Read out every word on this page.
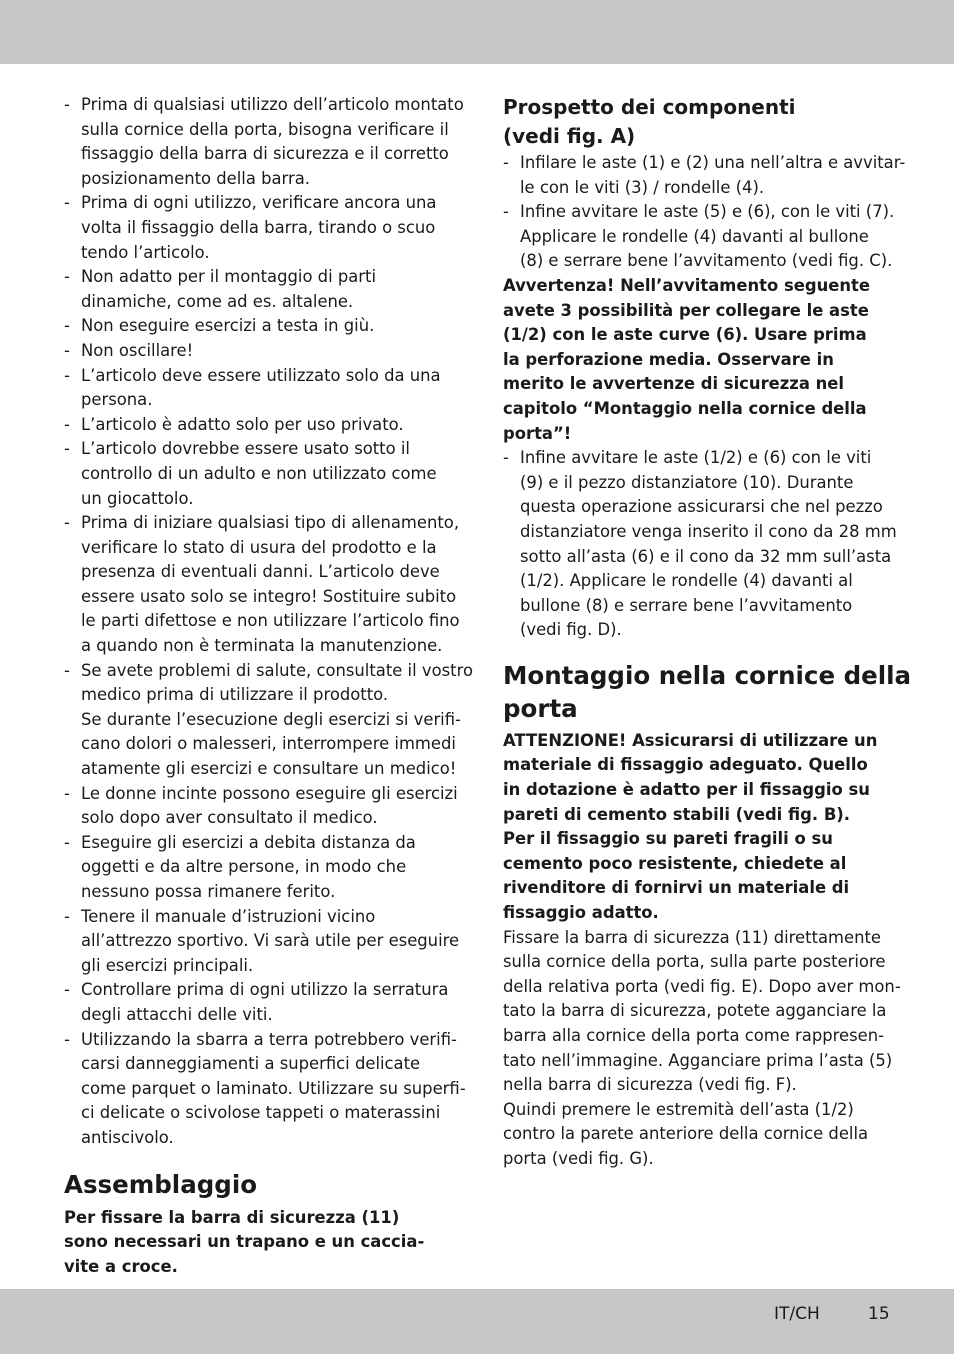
- Prima di qualsiasi utilizzo dell’articolo montato
sulla cornice della porta, bisogna verificare il
fissaggio della barra di sicurezza e il corretto
posizionamento della barra.
- Prima di ogni utilizzo, verificare ancora una
volta il fissaggio della barra, tirando o scuo
tendo l’articolo.
- Non adatto per il montaggio di parti
dinamiche, come ad es. altalene.
- Non eseguire esercizi a testa in giù.
- Non oscillare!
- L’articolo deve essere utilizzato solo da una
persona.
- L’articolo è adatto solo per uso privato.
- L’articolo dovrebbe essere usato sotto il
controllo di un adulto e non utilizzato come
un giocattolo.
- Prima di iniziare qualsiasi tipo di allenamento,
verificare lo stato di usura del prodotto e la
presenza di eventuali danni. L’articolo deve
essere usato solo se integro! Sostituire subito
le parti difettose e non utilizzare l’articolo fino
a quando non è terminata la manutenzione.
- Se avete problemi di salute, consultate il vostro
medico prima di utilizzare il prodotto.
Se durante l’esecuzione degli esercizi si verifi-
cano dolori o malesseri, interrompere immedi
atamente gli esercizi e consultare un medico!
- Le donne incinte possono eseguire gli esercizi
solo dopo aver consultato il medico.
- Eseguire gli esercizi a debita distanza da
oggetti e da altre persone, in modo che
nessuno possa rimanere ferito.
- Tenere il manuale d’istruzioni vicino
all’attrezzo sportivo. Vi sarà utile per eseguire
gli esercizi principali.
- Controllare prima di ogni utilizzo la serratura
degli attacchi delle viti.
- Utilizzando la sbarra a terra potrebbero verifi-
carsi danneggiamenti a superfici delicate
come parquet o laminato. Utilizzare su superfi-
ci delicate o scivolose tappeti o materassini
antiscivolo.
Assemblaggio

Per fissare la barra di sicurezza (11)
sono necessari un trapano e un caccia-
vite a croce.

Prospetto dei componenti
(vedi fig. A)
- Infilare le aste (1) e (2) una nell’altra e avvitar-
le con le viti (3) / rondelle (4).
- Infine avvitare le aste (5) e (6), con le viti (7).
Applicare le rondelle (4) davanti al bullone
(8) e serrare bene l’avvitamento (vedi fig. C).

Avvertenza! Nell’avvitamento seguente
avete 3 possibilità per collegare le aste
(1/2) con le aste curve (6). Usare prima
la perforazione media. Osservare in
merito le avvertenze di sicurezza nel
capitolo “Montaggio nella cornice della
porta”!

- Infine avvitare le aste (1/2) e (6) con le viti
(9) e il pezzo distanziatore (10). Durante
questa operazione assicurarsi che nel pezzo
distanziatore venga inserito il cono da 28 mm
sotto all’asta (6) e il cono da 32 mm sull’asta
(1/2). Applicare le rondelle (4) davanti al
bullone (8) e serrare bene l’avvitamento
(vedi fig. D).
Montaggio nella cornice della
porta

ATTENZIONE! Assicurarsi di utilizzare un
materiale di fissaggio adeguato. Quello
in dotazione è adatto per il fissaggio su
pareti di cemento stabili (vedi fig. B).
Per il fissaggio su pareti fragili o su
cemento poco resistente, chiedete al
rivenditore di fornirvi un materiale di
fissaggio adatto.

Fissare la barra di sicurezza (11) direttamente
sulla cornice della porta, sulla parte posteriore
della relativa porta (vedi fig. E). Dopo aver mon-
tato la barra di sicurezza, potete agganciare la
barra alla cornice della porta come rappresen-
tato nell’immagine. Agganciare prima l’asta (5)
nella barra di sicurezza (vedi fig. F).
Quindi premere le estremità dell’asta (1/2)
contro la parete anteriore della cornice della
porta (vedi fig. G).

IT/CH	15
